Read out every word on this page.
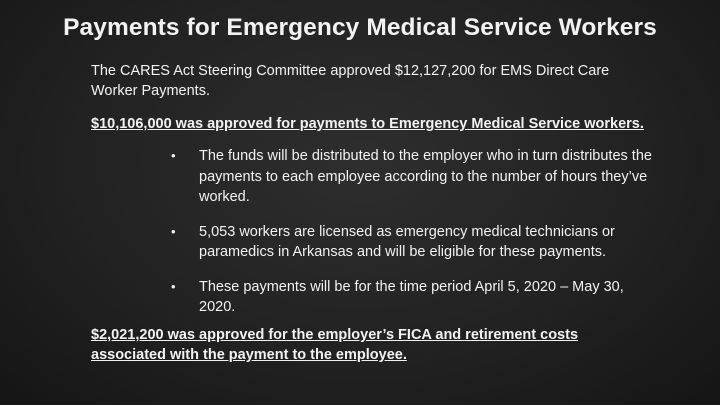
Payments for Emergency Medical Service Workers
The CARES Act Steering Committee approved $12,127,200 for EMS Direct Care Worker Payments.
$10,106,000 was approved for payments to Emergency Medical Service workers.
• The funds will be distributed to the employer who in turn distributes the payments to each employee according to the number of hours they’ve worked.
• 5,053 workers are licensed as emergency medical technicians or paramedics in Arkansas and will be eligible for these payments.
• These payments will be for the time period April 5, 2020 – May 30, 2020.
$2,021,200 was approved for the employer’s FICA and retirement costs associated with the payment to the employee.
